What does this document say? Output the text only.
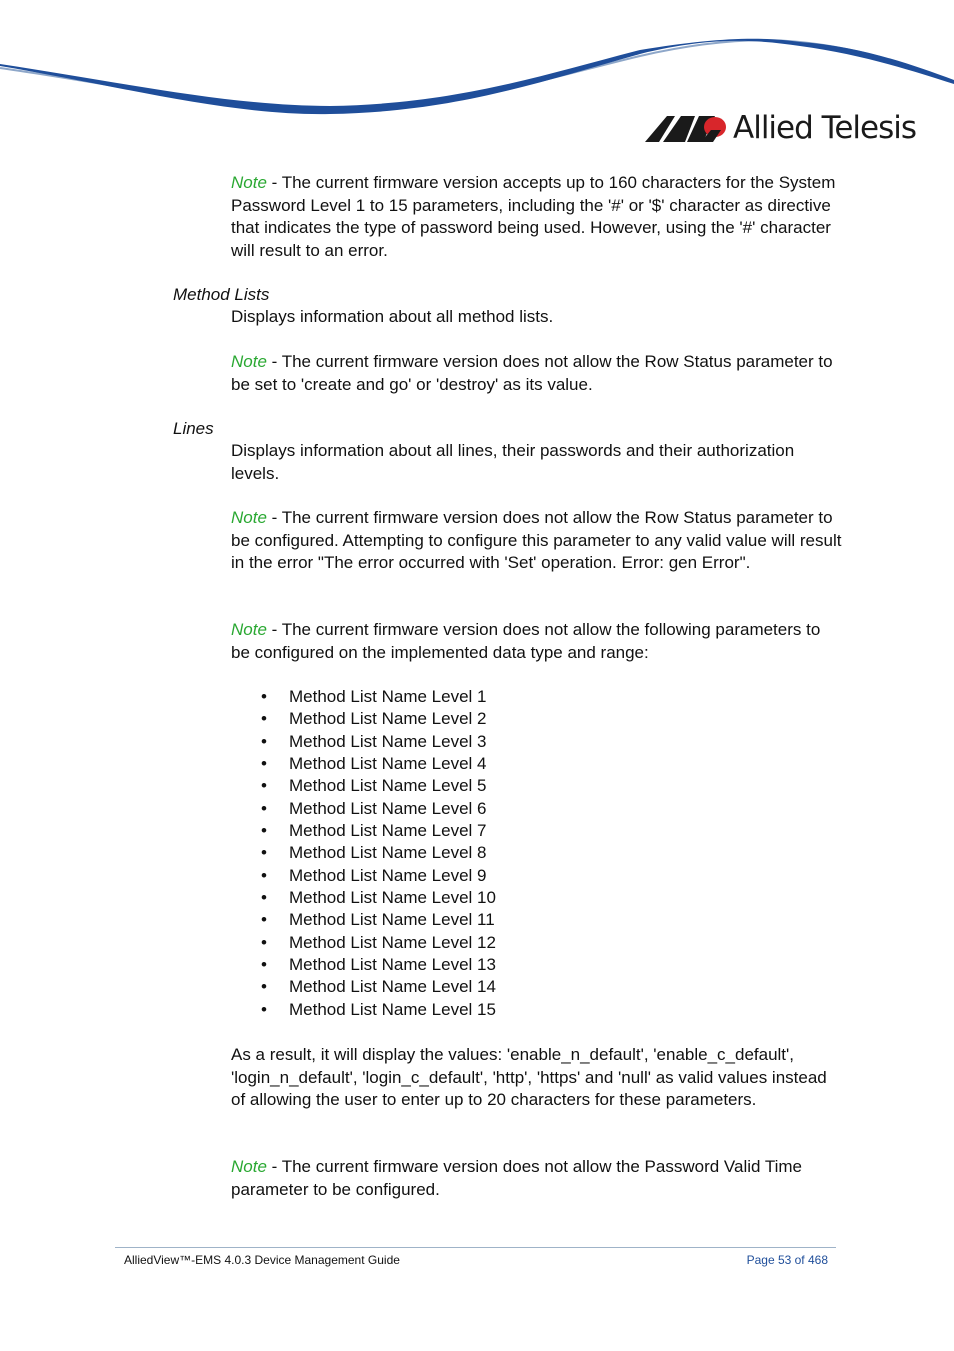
Allied Telesis

Note - The current firmware version accepts up to 160 characters for the System Password Level 1 to 15 parameters, including the '#' or '$' character as directive that indicates the type of password being used. However, using the '#' character will result to an error.

Method Lists

Displays information about all method lists.

Note - The current firmware version does not allow the Row Status parameter to be set to 'create and go' or 'destroy' as its value.

Lines

Displays information about all lines, their passwords and their authorization levels.

Note - The current firmware version does not allow the Row Status parameter to be configured. Attempting to configure this parameter to any valid value will result in the error "The error occurred with 'Set' operation. Error: gen Error".

Note - The current firmware version does not allow the following parameters to be configured on the implemented data type and range:

• Method List Name Level 1
• Method List Name Level 2
• Method List Name Level 3
• Method List Name Level 4
• Method List Name Level 5
• Method List Name Level 6
• Method List Name Level 7
• Method List Name Level 8
• Method List Name Level 9
• Method List Name Level 10
• Method List Name Level 11
• Method List Name Level 12
• Method List Name Level 13
• Method List Name Level 14
• Method List Name Level 15

As a result, it will display the values: 'enable_n_default', 'enable_c_default', 'login_n_default', 'login_c_default', 'http', 'https' and 'null' as valid values instead of allowing the user to enter up to 20 characters for these parameters.

Note - The current firmware version does not allow the Password Valid Time parameter to be configured.

AlliedView™-EMS 4.0.3 Device Management Guide	Page 53 of 468
